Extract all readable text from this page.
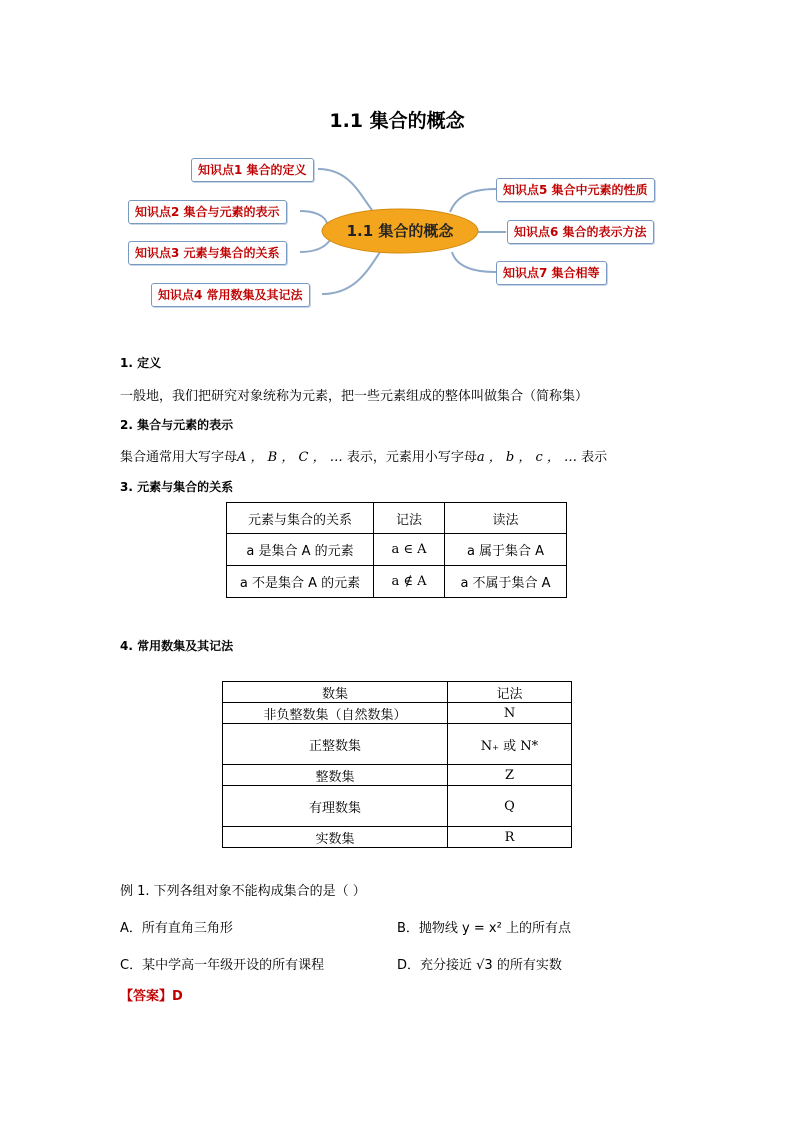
1.1 集合的概念
1.1 集合的概念
知识点1 集合的定义
知识点2 集合与元素的表示
知识点3 元素与集合的关系
知识点4 常用数集及其记法
知识点5 集合中元素的性质
知识点6 集合的表示方法
知识点7 集合相等
1. 定义
一般地，我们把研究对象统称为元素，把一些元素组成的整体叫做集合（简称集）
2. 集合与元素的表示
集合通常用大写字母A ， B ， C ， … 表示，元素用小写字母a ， b ， c ， … 表示
3. 元素与集合的关系
元素与集合的关系	记法	读法
a 是集合 A 的元素	a ∈ A	a 属于集合 A
a 不是集合 A 的元素	a ∉ A	a 不属于集合 A
4. 常用数集及其记法
数集	记法
非负整数集（自然数集）	N
正整数集	N₊ 或 N*
整数集	Z
有理数集	Q
实数集	R
例 1. 下列各组对象不能构成集合的是（ ）
A．所有直角三角形	B．抛物线 y = x² 上的所有点
C．某中学高一年级开设的所有课程	D．充分接近 √3 的所有实数
【答案】D
